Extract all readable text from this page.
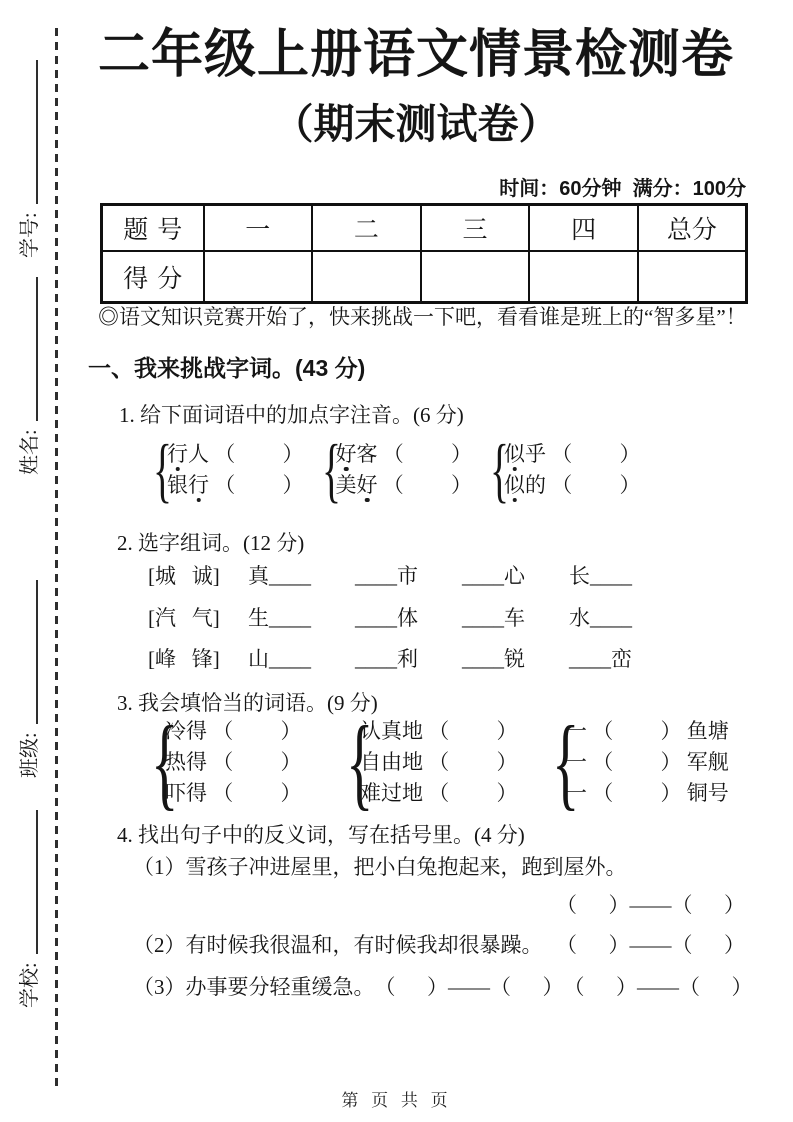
学号:
姓名:
班级:
学校:
二年级上册语文情景检测卷
（期末测试卷）
时间：60分钟  满分：100分
题号	一	二	三	四	总分
得分					
◎语文知识竞赛开始了，快来挑战一下吧，看看谁是班上的“智多星”！
一、我来挑战字词。(43 分)
1. 给下面词语中的加点字注音。(6 分)
{
行人 （         ）
银行 （         ） {
好客 （         ）
美好 （         ） {
似乎 （         ）
似的 （         ）
2. 选字组词。(12 分)
[城   诚]	真____	____市	____心	长____
[汽   气]	生____	____体	____车	水____
[峰   锋]	山____	____利	____锐	____峦
3. 我会填恰当的词语。(9 分)
{
冷得 （         ）
热得 （         ）
吓得 （         ） {
认真地 （         ）
自由地 （         ）
难过地 （         ） {
一 （         ） 鱼塘
一 （         ） 军舰
一 （         ） 铜号
4. 找出句子中的反义词，写在括号里。(4 分)
（1）雪孩子冲进屋里，把小白兔抱起来，跑到屋外。
（      ）——（      ）
（2）有时候我很温和，有时候我却很暴躁。 （      ）——（      ）
（3）办事要分轻重缓急。 （      ）——（      ） （      ）——（      ）
第 页 共 页
